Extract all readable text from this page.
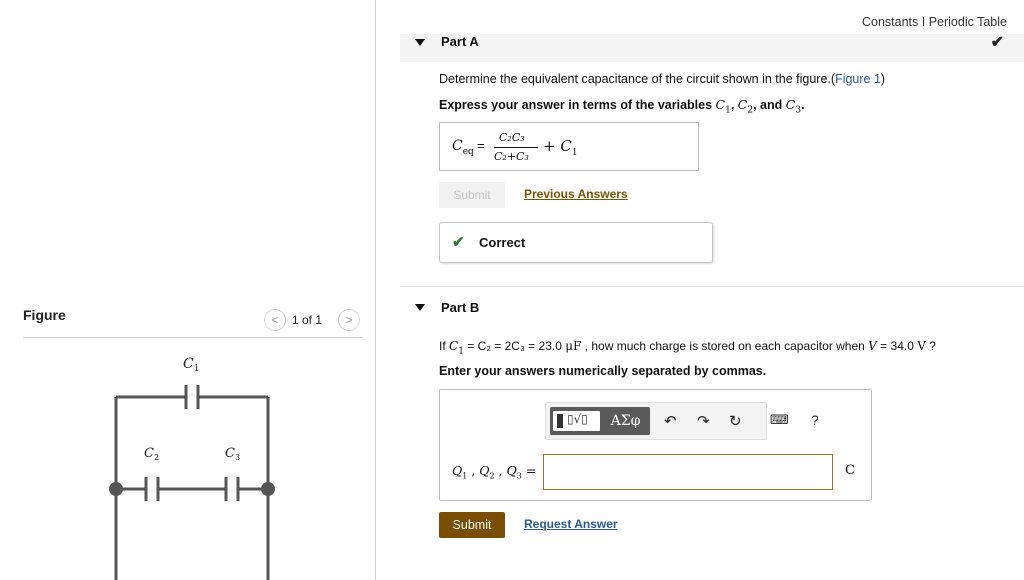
Figure	< 1 of 1 >
$C_1$
$C_2$	$C_3$
Constants I Periodic Table
Part A	✔
Determine the equivalent capacitance of the circuit shown in the figure.(Figure 1)
Express your answer in terms of the variables $C_1$, $C_2$, and $C_3$.
$C_{eq}$ =
C₂C₃
C₂+C₃
+ $C_1$
Submit	Previous Answers
✔ Correct
Part B
If $C_1 = C_2 = 2C_3 = 23.0$ μF , how much charge is stored on each capacitor when V = 34.0 V ?
Enter your answers numerically separated by commas.
▯√▯	ΑΣφ	↶ ↷ ↻ ⌨ ?
$Q_1$ , $Q_2$ , $Q_3$ =	C
Submit	Request Answer
